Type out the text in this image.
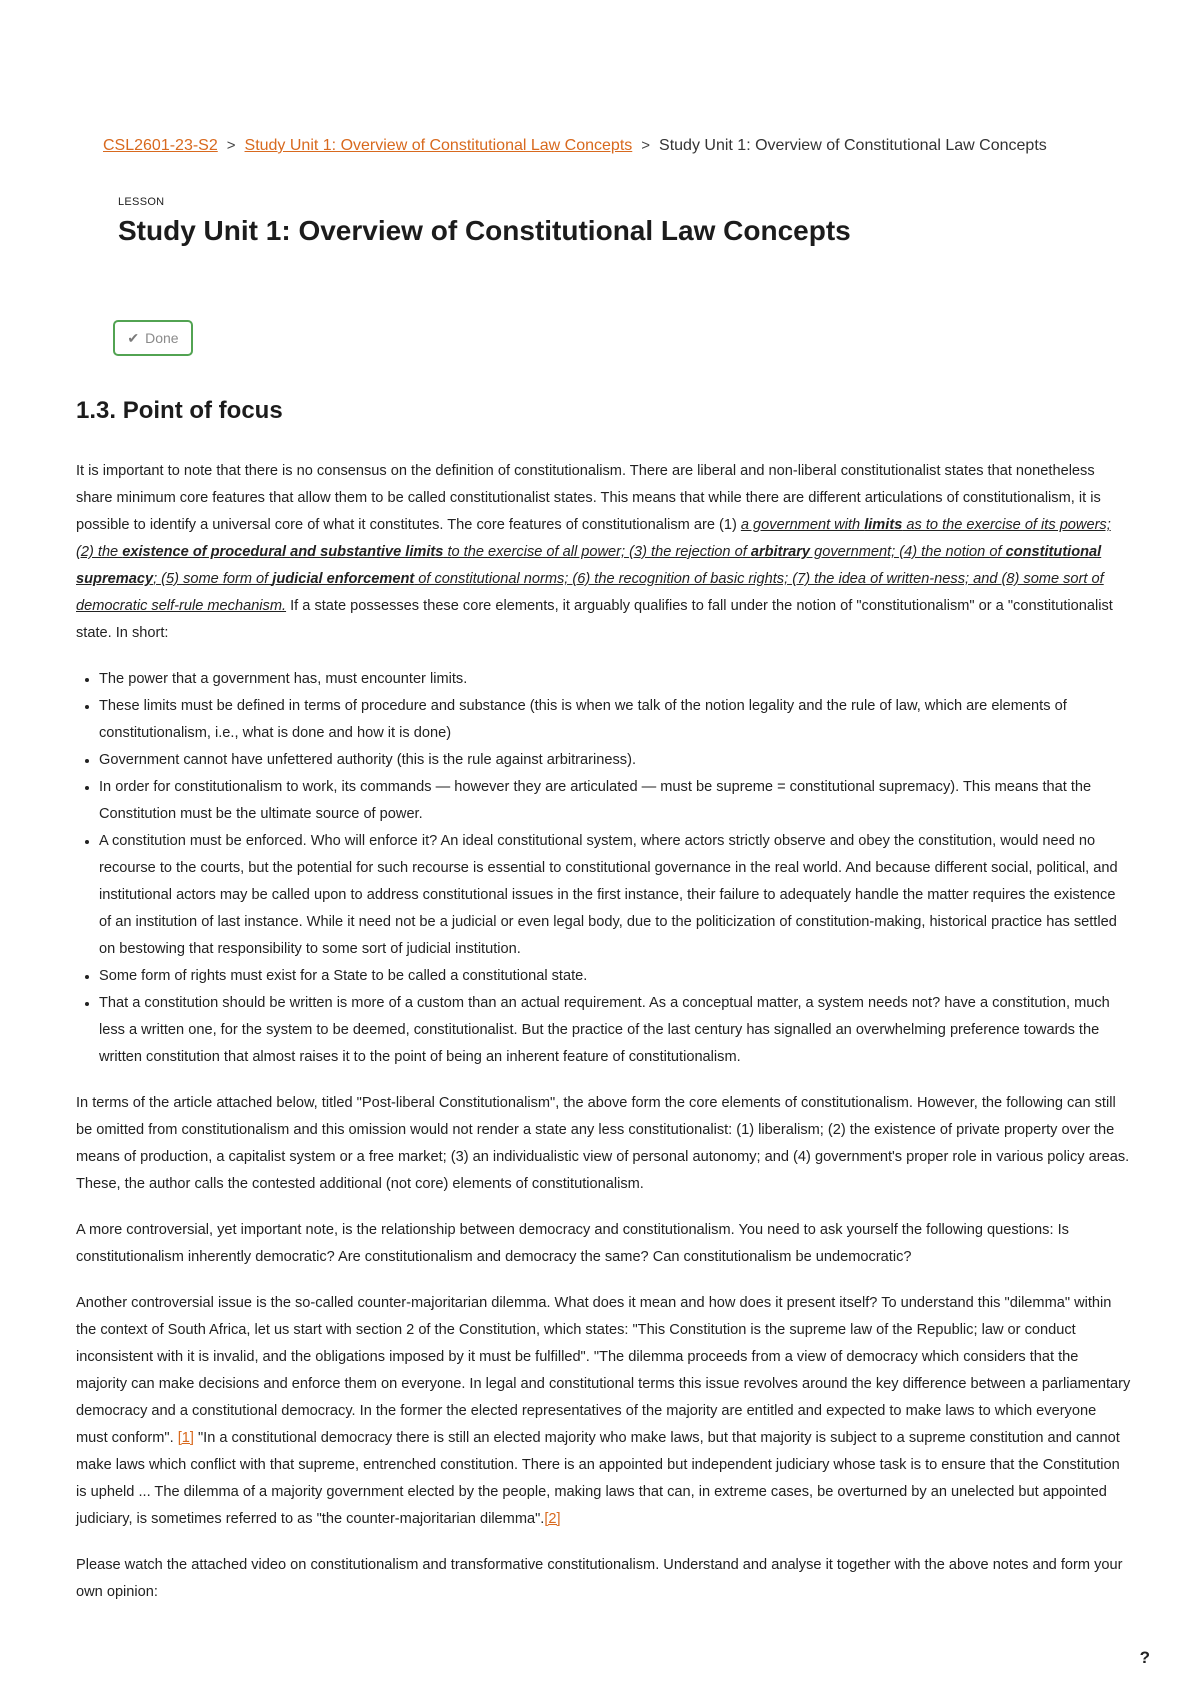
CSL2601-23-S2 > Study Unit 1: Overview of Constitutional Law Concepts > Study Unit 1: Overview of Constitutional Law Concepts
LESSON
Study Unit 1: Overview of Constitutional Law Concepts
✔ Done
1.3. Point of focus

It is important to note that there is no consensus on the definition of constitutionalism. There are liberal and non-liberal constitutionalist states that nonetheless share minimum core features that allow them to be called constitutionalist states. This means that while there are different articulations of constitutionalism, it is possible to identify a universal core of what it constitutes. The core features of constitutionalism are (1) a government with limits as to the exercise of its powers; (2) the existence of procedural and substantive limits to the exercise of all power; (3) the rejection of arbitrary government; (4) the notion of constitutional supremacy; (5) some form of judicial enforcement of constitutional norms; (6) the recognition of basic rights; (7) the idea of written-ness; and (8) some sort of democratic self-rule mechanism. If a state possesses these core elements, it arguably qualifies to fall under the notion of "constitutionalism" or a "constitutionalist state. In short:

• The power that a government has, must encounter limits.
• These limits must be defined in terms of procedure and substance (this is when we talk of the notion legality and the rule of law, which are elements of constitutionalism, i.e., what is done and how it is done)
• Government cannot have unfettered authority (this is the rule against arbitrariness).
• In order for constitutionalism to work, its commands — however they are articulated — must be supreme = constitutional supremacy). This means that the Constitution must be the ultimate source of power.
• A constitution must be enforced. Who will enforce it? An ideal constitutional system, where actors strictly observe and obey the constitution, would need no recourse to the courts, but the potential for such recourse is essential to constitutional governance in the real world. And because different social, political, and institutional actors may be called upon to address constitutional issues in the first instance, their failure to adequately handle the matter requires the existence of an institution of last instance. While it need not be a judicial or even legal body, due to the politicization of constitution-making, historical practice has settled on bestowing that responsibility to some sort of judicial institution.
• Some form of rights must exist for a State to be called a constitutional state.
• That a constitution should be written is more of a custom than an actual requirement. As a conceptual matter, a system needs not? have a constitution, much less a written one, for the system to be deemed, constitutionalist. But the practice of the last century has signalled an overwhelming preference towards the written constitution that almost raises it to the point of being an inherent feature of constitutionalism.

In terms of the article attached below, titled "Post-liberal Constitutionalism", the above form the core elements of constitutionalism. However, the following can still be omitted from constitutionalism and this omission would not render a state any less constitutionalist: (1) liberalism; (2) the existence of private property over the means of production, a capitalist system or a free market; (3) an individualistic view of personal autonomy; and (4) government's proper role in various policy areas. These, the author calls the contested additional (not core) elements of constitutionalism.

A more controversial, yet important note, is the relationship between democracy and constitutionalism. You need to ask yourself the following questions: Is constitutionalism inherently democratic? Are constitutionalism and democracy the same? Can constitutionalism be undemocratic?

Another controversial issue is the so-called counter-majoritarian dilemma. What does it mean and how does it present itself? To understand this "dilemma" within the context of South Africa, let us start with section 2 of the Constitution, which states: "This Constitution is the supreme law of the Republic; law or conduct inconsistent with it is invalid, and the obligations imposed by it must be fulfilled". "The dilemma proceeds from a view of democracy which considers that the majority can make decisions and enforce them on everyone. In legal and constitutional terms this issue revolves around the key difference between a parliamentary democracy and a constitutional democracy. In the former the elected representatives of the majority are entitled and expected to make laws to which everyone must conform". [1] "In a constitutional democracy there is still an elected majority who make laws, but that majority is subject to a supreme constitution and cannot make laws which conflict with that supreme, entrenched constitution. There is an appointed but independent judiciary whose task is to ensure that the Constitution is upheld ... The dilemma of a majority government elected by the people, making laws that can, in extreme cases, be overturned by an unelected but appointed judiciary, is sometimes referred to as "the counter-majoritarian dilemma".[2]

Please watch the attached video on constitutionalism and transformative constitutionalism. Understand and analyse it together with the above notes and form your own opinion:

?
